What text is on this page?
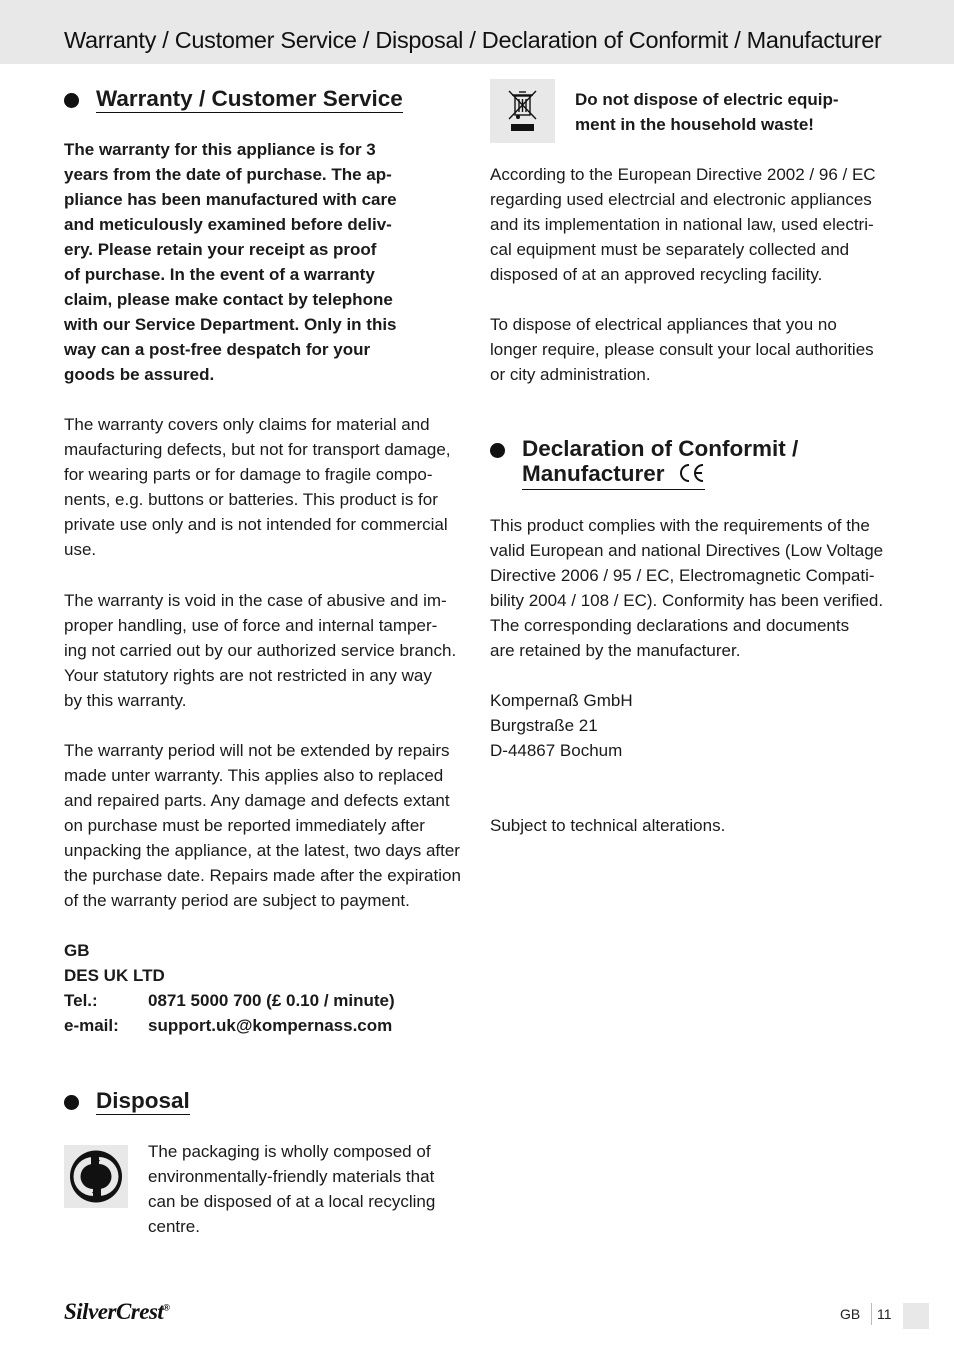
Warranty / Customer Service / Disposal / Declaration of Conformit / Manufacturer
Warranty / Customer Service

The warranty for this appliance is for 3

years from the date of purchase. The ap-

pliance has been manufactured with care

and meticulously examined before deliv-

ery. Please retain your receipt as proof

of purchase. In the event of a warranty

claim, please make contact by telephone

with our Service Department. Only in this

way can a post-free despatch for your

goods be assured.

The warranty covers only claims for material and

maufacturing defects, but not for transport damage,

for wearing parts or for damage to fragile compo-

nents, e.g. buttons or batteries. This product is for

private use only and is not intended for commercial

use.

The warranty is void in the case of abusive and im-

proper handling, use of force and internal tamper-

ing not carried out by our authorized service branch.

Your statutory rights are not restricted in any way

by this warranty.

The warranty period will not be extended by repairs

made unter warranty. This applies also to replaced

and repaired parts. Any damage and defects extant

on purchase must be reported immediately after

unpacking the appliance, at the latest, two days after

the purchase date. Repairs made after the expiration

of the warranty period are subject to payment.

GB
DES UK LTD
Tel.:	0871 5000 700 (£ 0.10 / minute)
e-mail:	support.uk@kompernass.com
Disposal

The packaging is wholly composed of

environmentally-friendly materials that

can be disposed of at a local recycling

centre.

Do not dispose of electric equip-

ment in the household waste!

According to the European Directive 2002 / 96 / EC

regarding used electrcial and electronic appliances

and its implementation in national law, used electri-

cal equipment must be separately collected and

disposed of at an approved recycling facility.

To dispose of electrical appliances that you no

longer require, please consult your local authorities

or city administration.

Declaration of Conformit /
Manufacturer

This product complies with the requirements of the

valid European and national Directives (Low Voltage

Directive 2006 / 95 / EC, Electromagnetic Compati-

bility 2004 / 108 / EC). Conformity has been verified.

The corresponding declarations and documents

are retained by the manufacturer.

Kompernaß GmbH

Burgstraße 21

D-44867 Bochum

Subject to technical alterations.

SilverCrest®	GB 11
